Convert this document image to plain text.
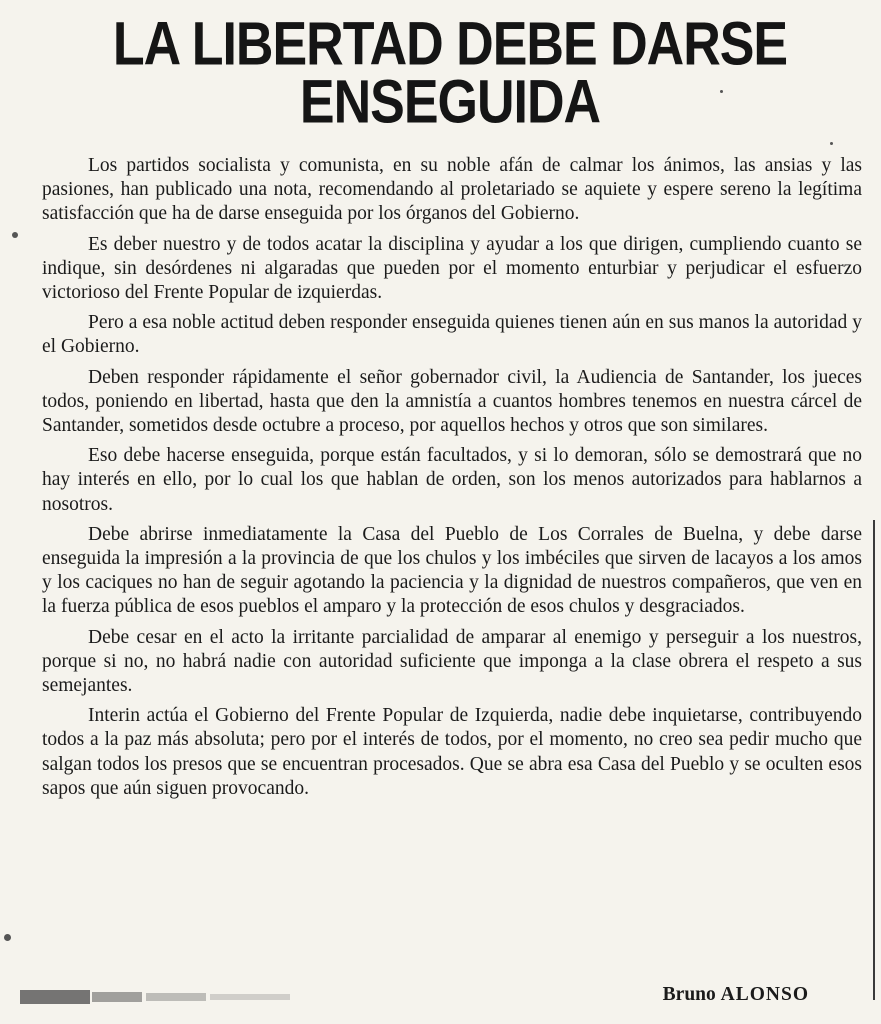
LA LIBERTAD DEBE DARSE
ENSEGUIDA

Los partidos socialista y comunista, en su noble afán de calmar los ánimos, las ansias y las pasiones, han publicado una nota, recomendando al proletariado se aquiete y espere sereno la legítima satisfacción que ha de darse enseguida por los órganos del Gobierno.

Es deber nuestro y de todos acatar la disciplina y ayudar a los que dirigen, cumpliendo cuanto se indique, sin desórdenes ni algaradas que pueden por el momento enturbiar y perjudicar el esfuerzo victorioso del Frente Popular de izquierdas.

Pero a esa noble actitud deben responder enseguida quienes tienen aún en sus manos la autoridad y el Gobierno.

Deben responder rápidamente el señor gobernador civil, la Audiencia de Santander, los jueces todos, poniendo en libertad, hasta que den la amnistía a cuantos hombres tenemos en nuestra cárcel de Santander, sometidos desde octubre a proceso, por aquellos hechos y otros que son similares.

Eso debe hacerse enseguida, porque están facultados, y si lo demoran, sólo se demostrará que no hay interés en ello, por lo cual los que hablan de orden, son los menos autorizados para hablarnos a nosotros.

Debe abrirse inmediatamente la Casa del Pueblo de Los Corrales de Buelna, y debe darse enseguida la impresión a la provincia de que los chulos y los imbéciles que sirven de lacayos a los amos y los caciques no han de seguir agotando la paciencia y la dignidad de nuestros compañeros, que ven en la fuerza pública de esos pueblos el amparo y la protección de esos chulos y desgraciados.

Debe cesar en el acto la irritante parcialidad de amparar al enemigo y perseguir a los nuestros, porque si no, no habrá nadie con autoridad suficiente que imponga a la clase obrera el respeto a sus semejantes.

Interin actúa el Gobierno del Frente Popular de Izquierda, nadie debe inquietarse, contribuyendo todos a la paz más absoluta; pero por el interés de todos, por el momento, no creo sea pedir mucho que salgan todos los presos que se encuentran procesados. Que se abra esa Casa del Pueblo y se oculten esos sapos que aún siguen provocando.

Bruno ALONSO
